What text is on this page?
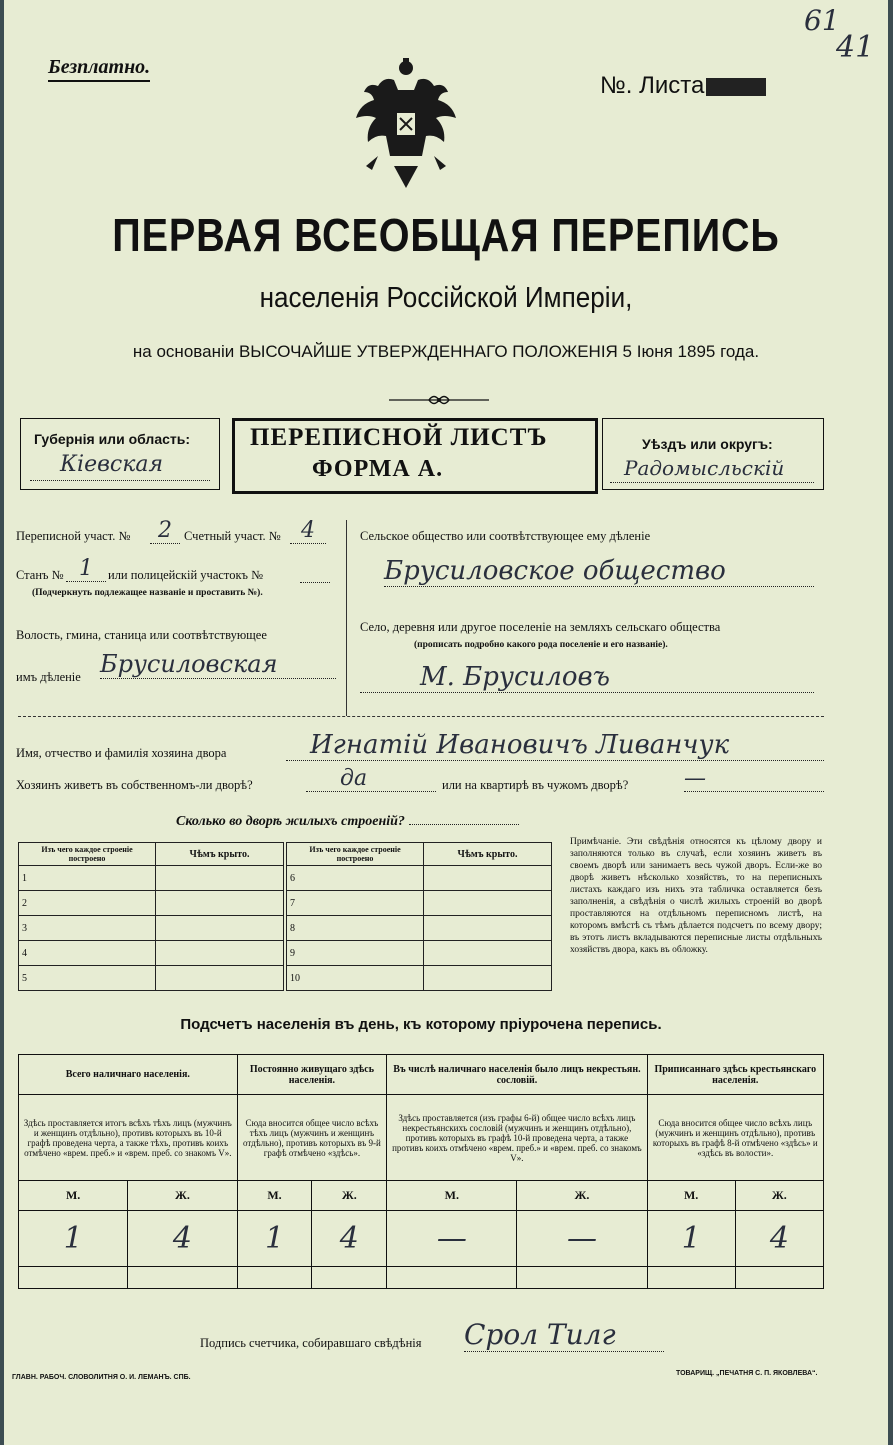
Безплатно.
№. Листа
61
41
ПЕРВАЯ ВСЕОБЩАЯ ПЕРЕПИСЬ
населенія Россійской Имперіи,
на основаніи ВЫСОЧАЙШЕ УТВЕРЖДЕННАГО ПОЛОЖЕНІЯ 5 Іюня 1895 года.
Губернія или область:
Кiевская
ПЕРЕПИСНОЙ ЛИСТЪ
ФОРМА А.
Уѣздъ или округъ:
Радомысльскiй
Переписной участ. №	2 Счетный участ. № 4
Станъ № 1	или полицейскій участокъ №
(Подчеркнуть подлежащее названіе и проставить №).
Волость, гмина, станица или соотвѣтствующее
имъ дѣленіе Брусиловская
Сельское общество или соотвѣтствующее ему дѣленіе
Брусиловское общество
Село, деревня или другое поселеніе на земляхъ сельскаго общества
(прописать подробно какого рода поселеніе и его названіе).
М. Брусиловъ
Имя, отчество и фамилія хозяина двора	Игнатій Ивановичъ Ливанчук
Хозяинъ живетъ въ собственномъ-ли дворѣ?	да	или на квартирѣ въ чужомъ дворѣ?	—
Сколько во дворѣ жилыхъ строеній?
Изъ чего каждое строеніе построено	Чѣмъ крыто.
1	
2	
3	
4	
5	
Изъ чего каждое строеніе построено	Чѣмъ крыто.
6	
7	
8	
9	
10	
Примѣчаніе. Эти свѣдѣнія относятся къ цѣлому двору и заполняются только въ случаѣ, если хозяинъ живетъ въ своемъ дворѣ или занимаетъ весь чужой дворъ. Если-же во дворѣ живетъ нѣсколько хозяйствъ, то на переписныхъ листахъ каждаго изъ нихъ эта табличка оставляется безъ заполненія, а свѣдѣнія о числѣ жилыхъ строеній во дворѣ проставляются на отдѣльномъ переписномъ листѣ, на которомъ вмѣстѣ съ тѣмъ дѣлается подсчетъ по всему двору; въ этотъ листъ вкладываются переписные листы отдѣльныхъ хозяйствъ двора, какъ въ обложку.
Подсчетъ населенія въ день, къ которому пріурочена перепись.
Всего наличнаго населенія.		Постоянно живущаго здѣсь населенія.		Въ числѣ наличнаго населенія было лицъ некрестьян. сословій.		Приписаннаго здѣсь крестьянскаго населенія.	
Здѣсь проставляется итогъ всѣхъ тѣхъ лицъ (мужчинъ и женщинъ отдѣльно), противъ которыхъ въ 10-й графѣ проведена черта, а также тѣхъ, противъ коихъ отмѣчено «врем. преб.» и «врем. преб. со знакомъ V».		Сюда вносится общее число всѣхъ тѣхъ лицъ (мужчинъ и женщинъ отдѣльно), противъ которыхъ въ 9-й графѣ отмѣчено «здѣсь».		Здѣсь проставляется (изъ графы 6-й) общее число всѣхъ лицъ некрестьянскихъ сословій (мужчинъ и женщинъ отдѣльно), противъ которыхъ въ графѣ 10-й проведена черта, а также противъ коихъ отмѣчено «врем. преб.» и «врем. преб. со знакомъ V».		Сюда вносится общее число всѣхъ лицъ (мужчинъ и женщинъ отдѣльно), противъ которыхъ въ графѣ 8-й отмѣчено «здѣсь» и «здѣсь въ волости».	
М.	Ж.	М.	Ж.	М.	Ж.	М.	Ж.
1	4	1	4	—	—	1	4

Подпись счетчика, собиравшаго свѣдѣнія Срол Тилг
ГЛАВН. РАБОЧ. СЛОВОЛИТНЯ О. И. ЛЕМАНЪ. СПБ.
ТОВАРИЩ. „ПЕЧАТНЯ С. П. ЯКОВЛЕВА“.
